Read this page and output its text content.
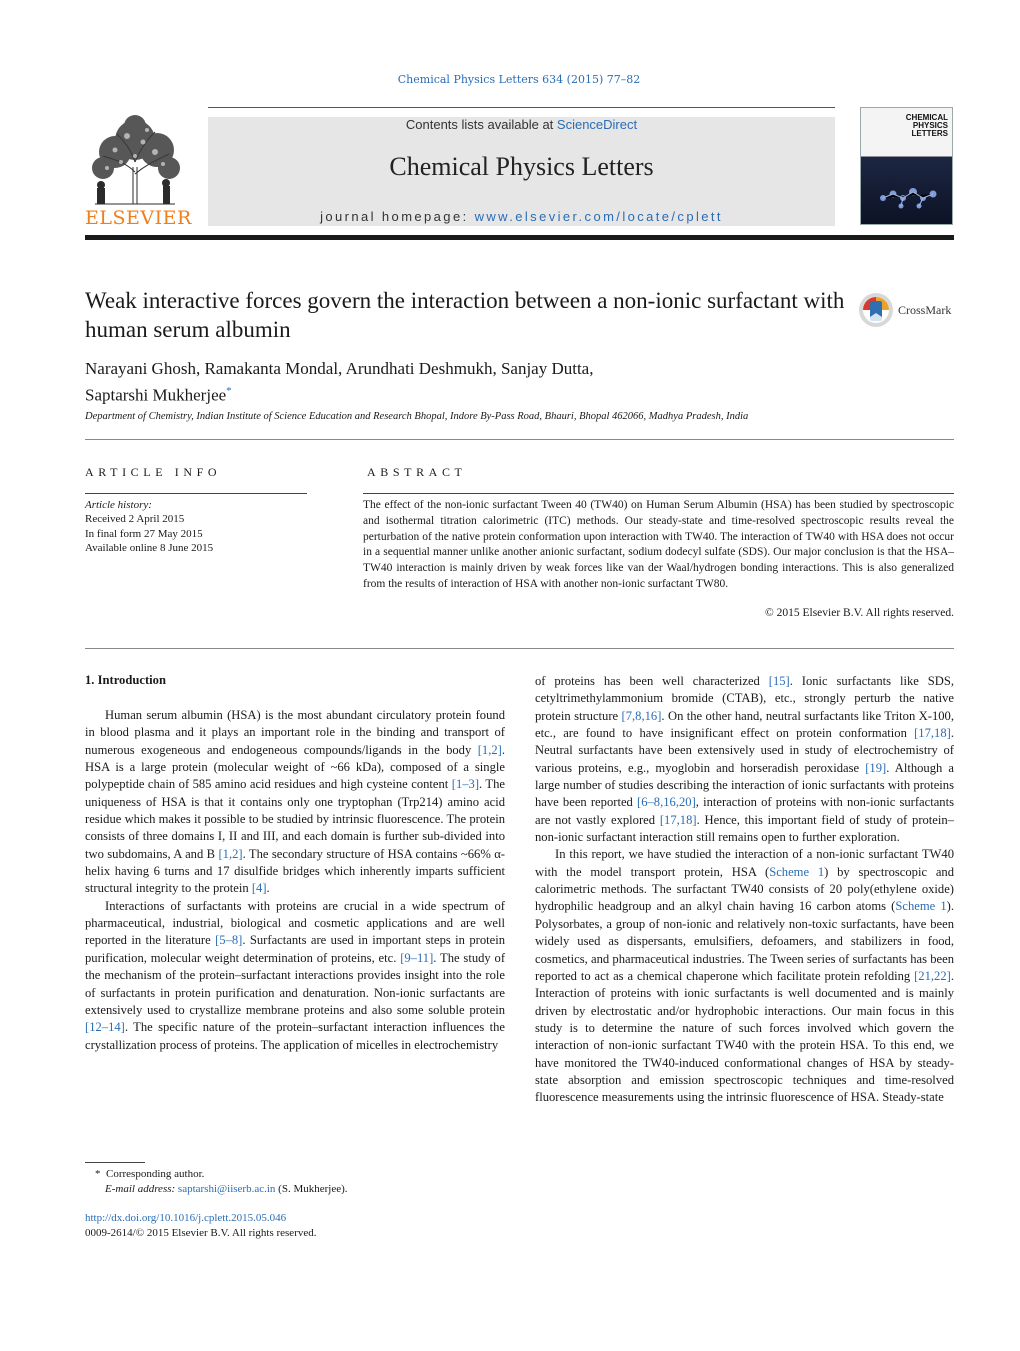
Chemical Physics Letters 634 (2015) 77–82
ELSEVIER
Contents lists available at ScienceDirect
Chemical Physics Letters
journal homepage: www.elsevier.com/locate/cplett
CHEMICAL
PHYSICS
LETTERS
Weak interactive forces govern the interaction between a non-ionic surfactant with human serum albumin
CrossMark
Narayani Ghosh, Ramakanta Mondal, Arundhati Deshmukh, Sanjay Dutta,
Saptarshi Mukherjee*
Department of Chemistry, Indian Institute of Science Education and Research Bhopal, Indore By-Pass Road, Bhauri, Bhopal 462066, Madhya Pradesh, India
ARTICLE INFO	ABSTRACT
Article history:
Received 2 April 2015
In final form 27 May 2015
Available online 8 June 2015
The effect of the non-ionic surfactant Tween 40 (TW40) on Human Serum Albumin (HSA) has been studied by spectroscopic and isothermal titration calorimetric (ITC) methods. Our steady-state and time-resolved spectroscopic results reveal the perturbation of the native protein conformation upon interaction with TW40. The interaction of TW40 with HSA does not occur in a sequential manner unlike another anionic surfactant, sodium dodecyl sulfate (SDS). Our major conclusion is that the HSA–TW40 interaction is mainly driven by weak forces like van der Waal/hydrogen bonding interactions. This is also generalized from the results of interaction of HSA with another non-ionic surfactant TW80.
© 2015 Elsevier B.V. All rights reserved.
1. Introduction

Human serum albumin (HSA) is the most abundant circulatory protein found in blood plasma and it plays an important role in the binding and transport of numerous exogeneous and endogeneous compounds/ligands in the body [1,2]. HSA is a large protein (molecular weight of ~66 kDa), composed of a single polypeptide chain of 585 amino acid residues and high cysteine content [1–3]. The uniqueness of HSA is that it contains only one tryptophan (Trp214) amino acid residue which makes it possible to be studied by intrinsic fluorescence. The protein consists of three domains I, II and III, and each domain is further sub-divided into two subdomains, A and B [1,2]. The secondary structure of HSA contains ~66% α-helix having 6 turns and 17 disulfide bridges which inherently imparts sufficient structural integrity to the protein [4].

Interactions of surfactants with proteins are crucial in a wide spectrum of pharmaceutical, industrial, biological and cosmetic applications and are well reported in the literature [5–8]. Surfactants are used in important steps in protein purification, molecular weight determination of proteins, etc. [9–11]. The study of the mechanism of the protein–surfactant interactions provides insight into the role of surfactants in protein purification and denaturation. Non-ionic surfactants are extensively used to crystallize membrane proteins and also some soluble protein [12–14]. The specific nature of the protein–surfactant interaction influences the crystallization process of proteins. The application of micelles in electrochemistry

of proteins has been well characterized [15]. Ionic surfactants like SDS, cetyltrimethylammonium bromide (CTAB), etc., strongly perturb the native protein structure [7,8,16]. On the other hand, neutral surfactants like Triton X-100, etc., are found to have insignificant effect on protein conformation [17,18]. Neutral surfactants have been extensively used in study of electrochemistry of various proteins, e.g., myoglobin and horseradish peroxidase [19]. Although a large number of studies describing the interaction of ionic surfactants with proteins have been reported [6–8,16,20], interaction of proteins with non-ionic surfactants are not vastly explored [17,18]. Hence, this important field of study of protein–non-ionic surfactant interaction still remains open to further exploration.

In this report, we have studied the interaction of a non-ionic surfactant TW40 with the model transport protein, HSA (Scheme 1) by spectroscopic and calorimetric methods. The surfactant TW40 consists of 20 poly(ethylene oxide) hydrophilic headgroup and an alkyl chain having 16 carbon atoms (Scheme 1). Polysorbates, a group of non-ionic and relatively non-toxic surfactants, have been widely used as dispersants, emulsifiers, defoamers, and stabilizers in food, cosmetics, and pharmaceutical industries. The Tween series of surfactants has been reported to act as a chemical chaperone which facilitate protein refolding [21,22]. Interaction of proteins with ionic surfactants is well documented and is mainly driven by electrostatic and/or hydrophobic interactions. Our main focus in this study is to determine the nature of such forces involved which govern the interaction of non-ionic surfactant TW40 with the protein HSA. To this end, we have monitored the TW40-induced conformational changes of HSA by steady-state absorption and emission spectroscopic techniques and time-resolved fluorescence measurements using the intrinsic fluorescence of HSA. Steady-state

* Corresponding author.
E-mail address: saptarshi@iiserb.ac.in (S. Mukherjee).
http://dx.doi.org/10.1016/j.cplett.2015.05.046
0009-2614/© 2015 Elsevier B.V. All rights reserved.
